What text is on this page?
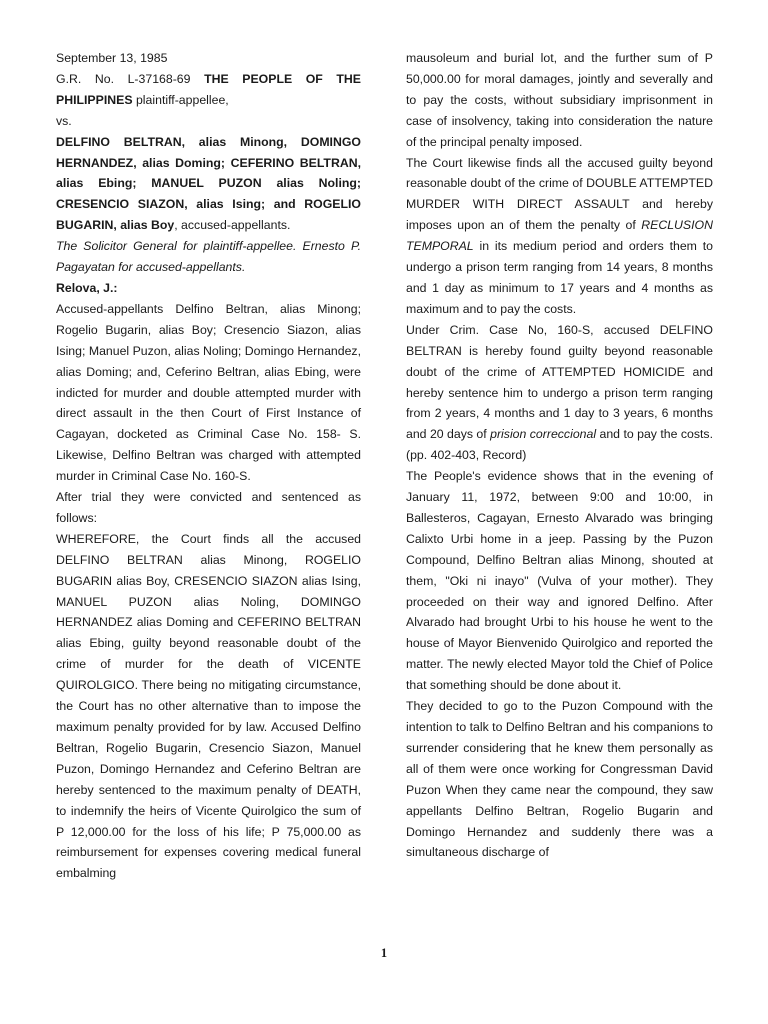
September 13, 1985

G.R. No. L-37168-69 THE PEOPLE OF THE PHILIPPINES plaintiff-appellee,

vs.

DELFINO BELTRAN, alias Minong, DOMINGO HERNANDEZ, alias Doming; CEFERINO BELTRAN, alias Ebing; MANUEL PUZON alias Noling; CRESENCIO SIAZON, alias Ising; and ROGELIO BUGARIN, alias Boy, accused-appellants.

The Solicitor General for plaintiff-appellee. Ernesto P. Pagayatan for accused-appellants.

Relova, J.:

Accused-appellants Delfino Beltran, alias Minong; Rogelio Bugarin, alias Boy; Cresencio Siazon, alias Ising; Manuel Puzon, alias Noling; Domingo Hernandez, alias Doming; and, Ceferino Beltran, alias Ebing, were indicted for murder and double attempted murder with direct assault in the then Court of First Instance of Cagayan, docketed as Criminal Case No. 158- S. Likewise, Delfino Beltran was charged with attempted murder in Criminal Case No. 160-S.

After trial they were convicted and sentenced as follows:

WHEREFORE, the Court finds all the accused DELFINO BELTRAN alias Minong, ROGELIO BUGARIN alias Boy, CRESENCIO SIAZON alias Ising, MANUEL PUZON alias Noling, DOMINGO HERNANDEZ alias Doming and CEFERINO BELTRAN alias Ebing, guilty beyond reasonable doubt of the crime of murder for the death of VICENTE QUIROLGICO. There being no mitigating circumstance, the Court has no other alternative than to impose the maximum penalty provided for by law. Accused Delfino Beltran, Rogelio Bugarin, Cresencio Siazon, Manuel Puzon, Domingo Hernandez and Ceferino Beltran are hereby sentenced to the maximum penalty of DEATH, to indemnify the heirs of Vicente Quirolgico the sum of P 12,000.00 for the loss of his life; P 75,000.00 as reimbursement for expenses covering medical funeral embalming

mausoleum and burial lot, and the further sum of P 50,000.00 for moral damages, jointly and severally and to pay the costs, without subsidiary imprisonment in case of insolvency, taking into consideration the nature of the principal penalty imposed.

The Court likewise finds all the accused guilty beyond reasonable doubt of the crime of DOUBLE ATTEMPTED MURDER WITH DIRECT ASSAULT and hereby imposes upon an of them the penalty of RECLUSION TEMPORAL in its medium period and orders them to undergo a prison term ranging from 14 years, 8 months and 1 day as minimum to 17 years and 4 months as maximum and to pay the costs.

Under Crim. Case No, 160-S, accused DELFINO BELTRAN is hereby found guilty beyond reasonable doubt of the crime of ATTEMPTED HOMICIDE and hereby sentence him to undergo a prison term ranging from 2 years, 4 months and 1 day to 3 years, 6 months and 20 days of prision correccional and to pay the costs. (pp. 402-403, Record)

The People's evidence shows that in the evening of January 11, 1972, between 9:00 and 10:00, in Ballesteros, Cagayan, Ernesto Alvarado was bringing Calixto Urbi home in a jeep. Passing by the Puzon Compound, Delfino Beltran alias Minong, shouted at them, "Oki ni inayo" (Vulva of your mother). They proceeded on their way and ignored Delfino. After Alvarado had brought Urbi to his house he went to the house of Mayor Bienvenido Quirolgico and reported the matter. The newly elected Mayor told the Chief of Police that something should be done about it.

They decided to go to the Puzon Compound with the intention to talk to Delfino Beltran and his companions to surrender considering that he knew them personally as all of them were once working for Congressman David Puzon When they came near the compound, they saw appellants Delfino Beltran, Rogelio Bugarin and Domingo Hernandez and suddenly there was a simultaneous discharge of

1
